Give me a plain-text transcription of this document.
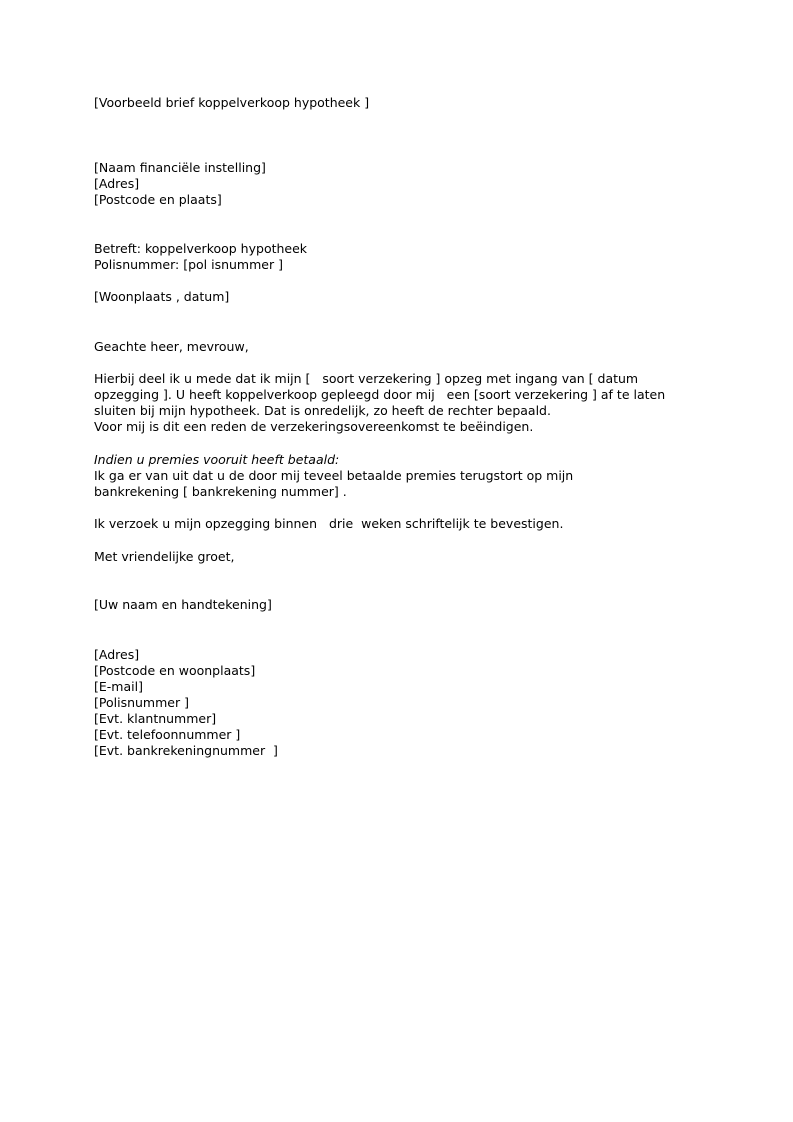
[Voorbeeld brief koppelverkoop hypotheek ]
[Naam financiële instelling]
[Adres]
[Postcode en plaats]
Betreft: koppelverkoop hypotheek
Polisnummer: [pol isnummer ]
[Woonplaats , datum]
Geachte heer, mevrouw,
Hierbij deel ik u mede dat ik mijn [   soort verzekering ] opzeg met ingang van [ datum
opzegging ]. U heeft koppelverkoop gepleegd door mij   een [soort verzekering ] af te laten
sluiten bij mijn hypotheek. Dat is onredelijk, zo heeft de rechter bepaald.
Voor mij is dit een reden de verzekeringsovereenkomst te beëindigen.
Indien u premies vooruit heeft betaald:
Ik ga er van uit dat u de door mij teveel betaalde premies terugstort op mijn
bankrekening [ bankrekening nummer] .
Ik verzoek u mijn opzegging binnen   drie  weken schriftelijk te bevestigen.
Met vriendelijke groet,
[Uw naam en handtekening]
[Adres]
[Postcode en woonplaats]
[E-mail]
[Polisnummer ]
[Evt. klantnummer]
[Evt. telefoonnummer ]
[Evt. bankrekeningnummer  ]
